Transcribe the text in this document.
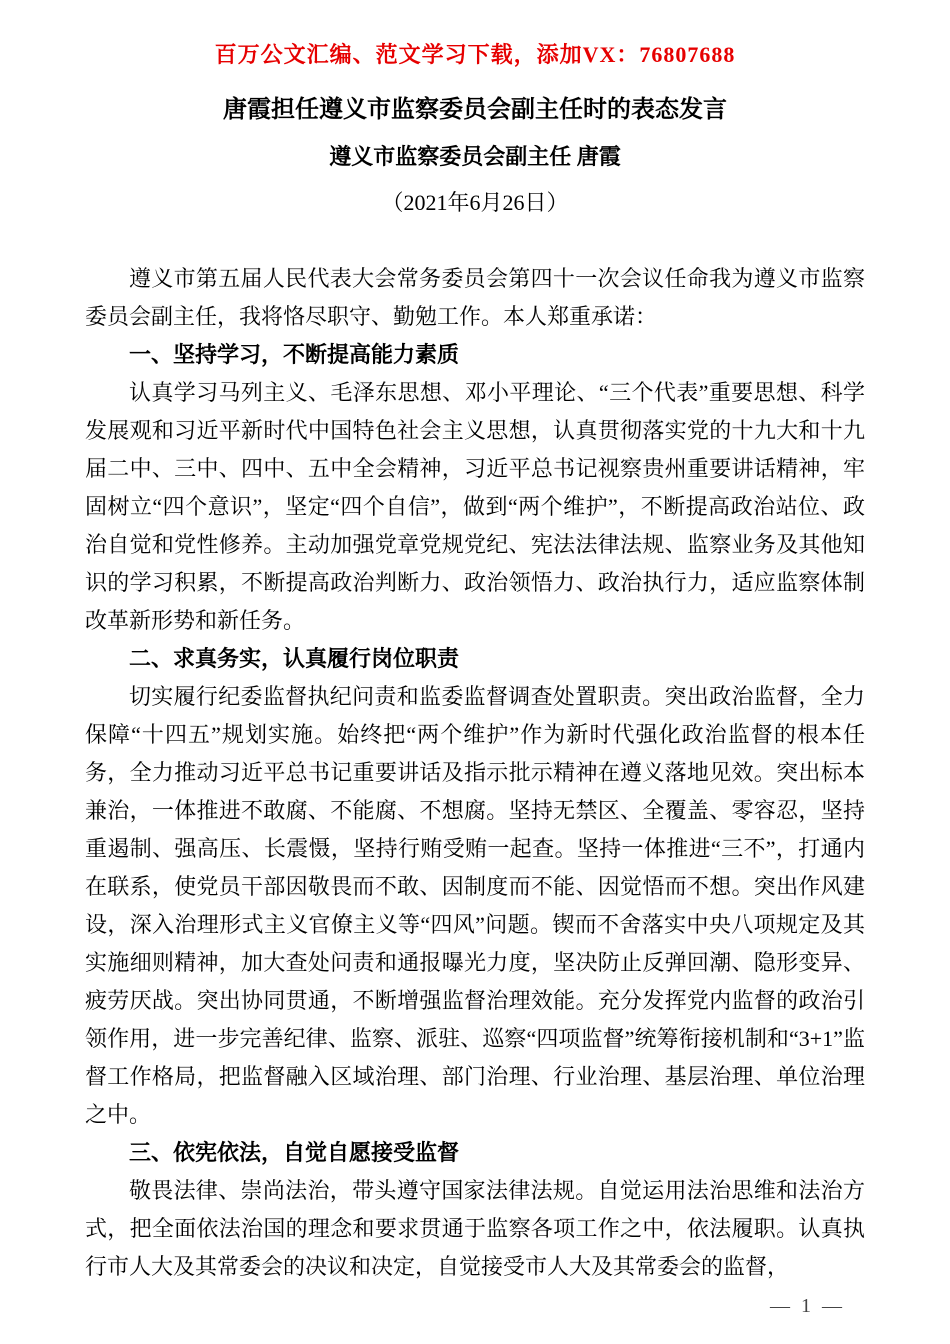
百万公文汇编、范文学习下载，添加VX：76807688
唐霞担任遵义市监察委员会副主任时的表态发言
遵义市监察委员会副主任 唐霞
（2021年6月26日）

遵义市第五届人民代表大会常务委员会第四十一次会议任命我为遵义市监察委员会副主任，我将恪尽职守、勤勉工作。本人郑重承诺：

一、坚持学习，不断提高能力素质

认真学习马列主义、毛泽东思想、邓小平理论、“三个代表”重要思想、科学发展观和习近平新时代中国特色社会主义思想，认真贯彻落实党的十九大和十九届二中、三中、四中、五中全会精神，习近平总书记视察贵州重要讲话精神，牢固树立“四个意识”，坚定“四个自信”，做到“两个维护”，不断提高政治站位、政治自觉和党性修养。主动加强党章党规党纪、宪法法律法规、监察业务及其他知识的学习积累，不断提高政治判断力、政治领悟力、政治执行力，适应监察体制改革新形势和新任务。

二、求真务实，认真履行岗位职责

切实履行纪委监督执纪问责和监委监督调查处置职责。突出政治监督，全力保障“十四五”规划实施。始终把“两个维护”作为新时代强化政治监督的根本任务，全力推动习近平总书记重要讲话及指示批示精神在遵义落地见效。突出标本兼治，一体推进不敢腐、不能腐、不想腐。坚持无禁区、全覆盖、零容忍，坚持重遏制、强高压、长震慑，坚持行贿受贿一起查。坚持一体推进“三不”，打通内在联系，使党员干部因敬畏而不敢、因制度而不能、因觉悟而不想。突出作风建设，深入治理形式主义官僚主义等“四风”问题。锲而不舍落实中央八项规定及其实施细则精神，加大查处问责和通报曝光力度，坚决防止反弹回潮、隐形变异、疲劳厌战。突出协同贯通，不断增强监督治理效能。充分发挥党内监督的政治引领作用，进一步完善纪律、监察、派驻、巡察“四项监督”统筹衔接机制和“3+1”监督工作格局，把监督融入区域治理、部门治理、行业治理、基层治理、单位治理之中。

三、依宪依法，自觉自愿接受监督

敬畏法律、崇尚法治，带头遵守国家法律法规。自觉运用法治思维和法治方式，把全面依法治国的理念和要求贯通于监察各项工作之中，依法履职。认真执行市人大及其常委会的决议和决定，自觉接受市人大及其常委会的监督，

— 1 —
